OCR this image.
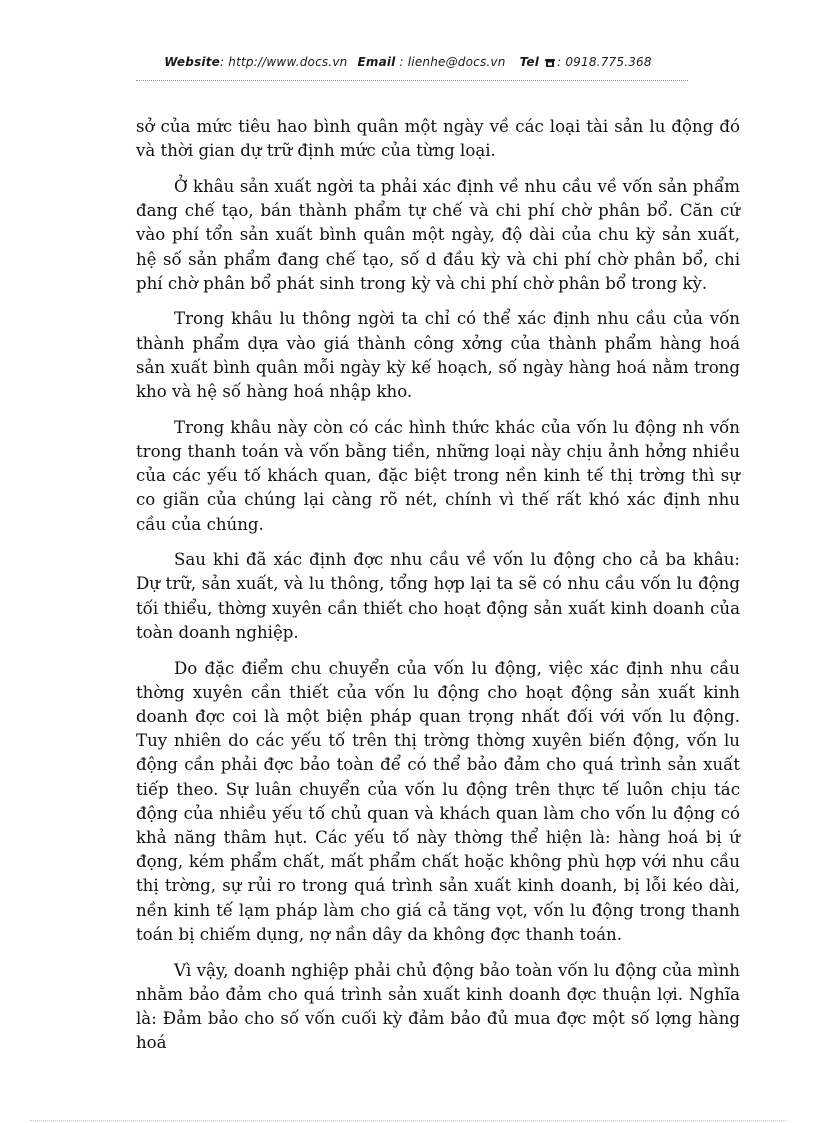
Website: http://www.docs.vn Email : lienhe@docs.vn Tel : 0918.775.368

sở của mức tiêu hao bình quân một ngày về các loại tài sản lu động đó và thời gian dự trữ định mức của từng loại.

Ở khâu sản xuất ngời ta phải xác định về nhu cầu về vốn sản phẩm đang chế tạo, bán thành phẩm tự chế và chi phí chờ phân bổ. Căn cứ vào phí tổn sản xuất bình quân một ngày, độ dài của chu kỳ sản xuất, hệ số sản phẩm đang chế tạo, số d đầu kỳ và chi phí chờ phân bổ, chi phí chờ phân bổ phát sinh trong kỳ và chi phí chờ phân bổ trong kỳ.

Trong khâu lu thông ngời ta chỉ có thể xác định nhu cầu của vốn thành phẩm dựa vào giá thành công xởng của thành phẩm hàng hoá sản xuất bình quân mỗi ngày kỳ kế hoạch, số ngày hàng hoá nằm trong kho và hệ số hàng hoá nhập kho.

Trong khâu này còn có các hình thức khác của vốn lu động nh vốn trong thanh toán và vốn bằng tiền, những loại này chịu ảnh hởng nhiều của các yếu tố khách quan, đặc biệt trong nền kinh tế thị trờng thì sự co giãn của chúng lại càng rõ nét, chính vì thế rất khó xác định nhu cầu của chúng.

Sau khi đã xác định đợc nhu cầu về vốn lu động cho cả ba khâu: Dự trữ, sản xuất, và lu thông, tổng hợp lại ta sẽ có nhu cầu vốn lu động tối thiểu, thờng xuyên cần thiết cho hoạt động sản xuất kinh doanh của toàn doanh nghiệp.

Do đặc điểm chu chuyển của vốn lu động, việc xác định nhu cầu thờng xuyên cần thiết của vốn lu động cho hoạt động sản xuất kinh doanh đợc coi là một biện pháp quan trọng nhất đối với vốn lu động. Tuy nhiên do các yếu tố trên thị trờng thờng xuyên biến động, vốn lu động cần phải đợc bảo toàn để có thể bảo đảm cho quá trình sản xuất tiếp theo. Sự luân chuyển của vốn lu động trên thực tế luôn chịu tác động của nhiều yếu tố chủ quan và khách quan làm cho vốn lu động có khả năng thâm hụt. Các yếu tố này thờng thể hiện là: hàng hoá bị ứ đọng, kém phẩm chất, mất phẩm chất hoặc không phù hợp với nhu cầu thị trờng, sự rủi ro trong quá trình sản xuất kinh doanh, bị lỗi kéo dài, nền kinh tế lạm pháp làm cho giá cả tăng vọt, vốn lu động trong thanh toán bị chiếm dụng, nợ nần dây da không đợc thanh toán.

Vì vậy, doanh nghiệp phải chủ động bảo toàn vốn lu động của mình nhằm bảo đảm cho quá trình sản xuất kinh doanh đợc thuận lợi. Nghĩa là: Đảm bảo cho số vốn cuối kỳ đảm bảo đủ mua đợc một số lợng hàng hoá
